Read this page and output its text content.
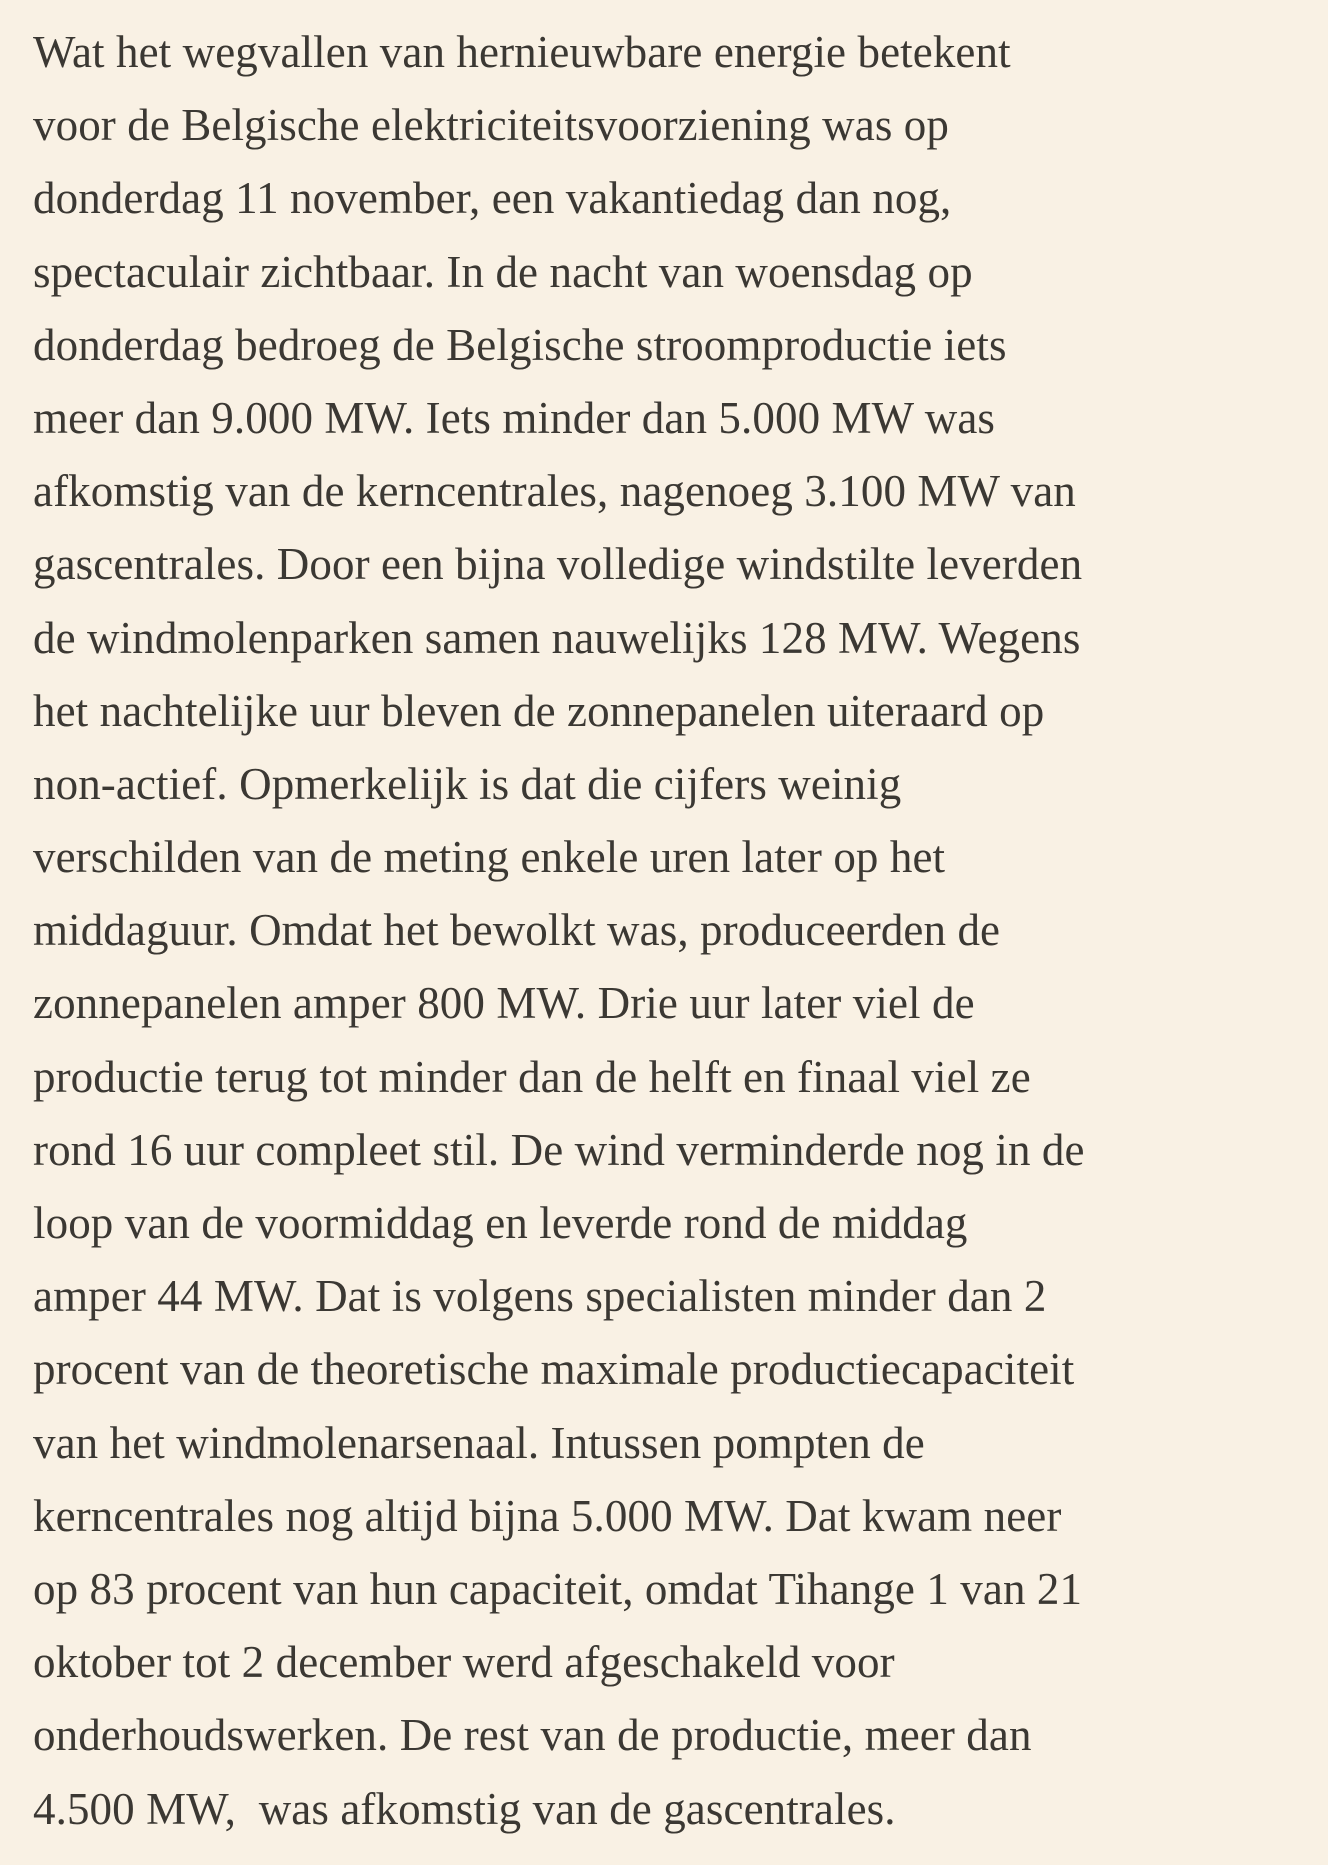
Wat het wegvallen van hernieuwbare energie betekent
voor de Belgische elektriciteitsvoorziening was op
donderdag 11 november, een vakantiedag dan nog,
spectaculair zichtbaar. In de nacht van woensdag op
donderdag bedroeg de Belgische stroomproductie iets
meer dan 9.000 MW. Iets minder dan 5.000 MW was
afkomstig van de kerncentrales, nagenoeg 3.100 MW van
gascentrales. Door een bijna volledige windstilte leverden
de windmolenparken samen nauwelijks 128 MW. Wegens
het nachtelijke uur bleven de zonnepanelen uiteraard op
non-actief. Opmerkelijk is dat die cijfers weinig
verschilden van de meting enkele uren later op het
middaguur. Omdat het bewolkt was, produceerden de
zonnepanelen amper 800 MW. Drie uur later viel de
productie terug tot minder dan de helft en finaal viel ze
rond 16 uur compleet stil. De wind verminderde nog in de
loop van de voormiddag en leverde rond de middag
amper 44 MW. Dat is volgens specialisten minder dan 2
procent van de theoretische maximale productiecapaciteit
van het windmolenarsenaal. Intussen pompten de
kerncentrales nog altijd bijna 5.000 MW. Dat kwam neer
op 83 procent van hun capaciteit, omdat Tihange 1 van 21
oktober tot 2 december werd afgeschakeld voor
onderhoudswerken. De rest van de productie, meer dan
4.500 MW,  was afkomstig van de gascentrales.
